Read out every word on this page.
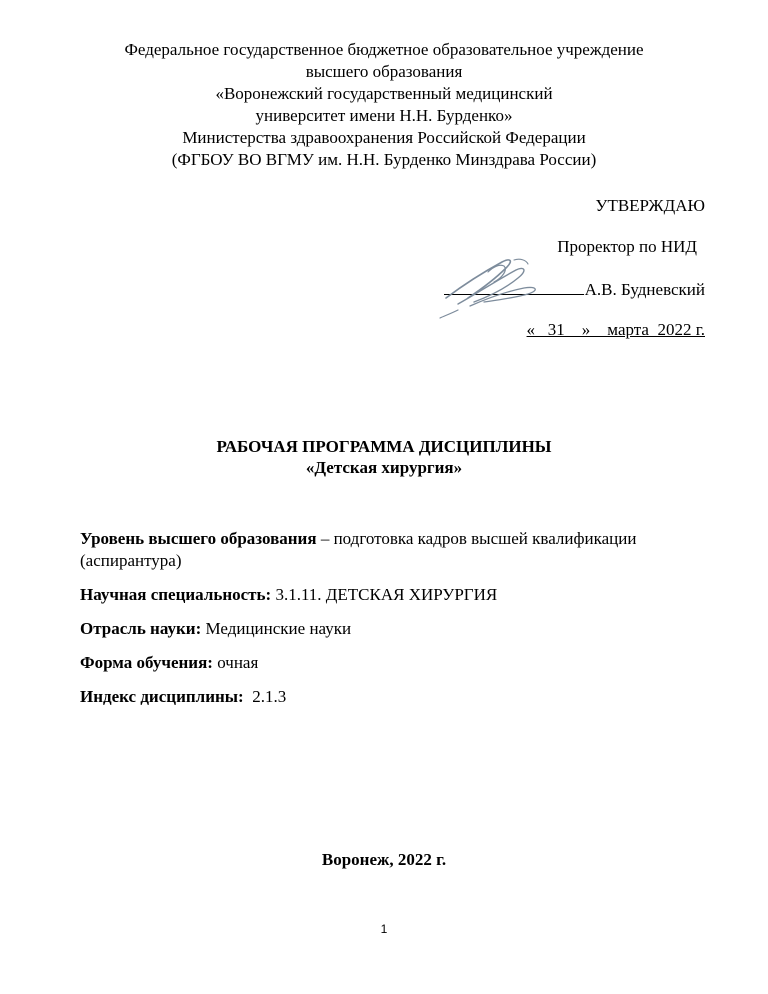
Федеральное государственное бюджетное образовательное учреждение
высшего образования
«Воронежский государственный медицинский
университет имени Н.Н. Бурденко»
Министерства здравоохранения Российской Федерации
(ФГБОУ ВО ВГМУ им. Н.Н. Бурденко Минздрава России)
УТВЕРЖДАЮ
Проректор по НИД
А.В. Будневский
«   31    »    марта  2022 г.
РАБОЧАЯ ПРОГРАММА ДИСЦИПЛИНЫ
«Детская хирургия»
Уровень высшего образования – подготовка кадров высшей квалификации (аспирантура)
Научная специальность: 3.1.11. ДЕТСКАЯ ХИРУРГИЯ
Отрасль науки: Медицинские науки
Форма обучения: очная
Индекс дисциплины:  2.1.3
Воронеж, 2022 г.
1
